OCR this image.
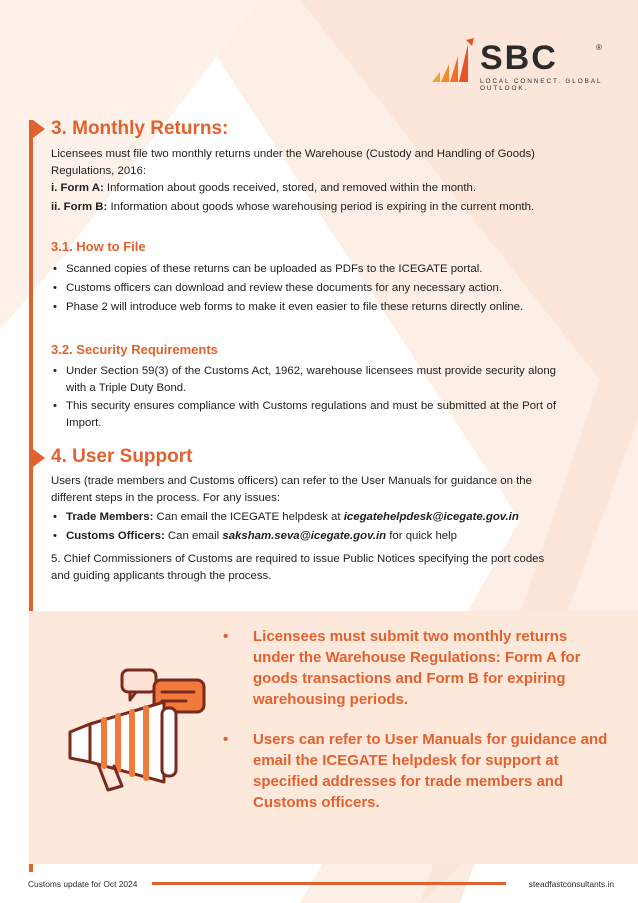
SBC	®
LOCAL CONNECT. GLOBAL OUTLOOK.
3. Monthly Returns:
Licensees must file two monthly returns under the Warehouse (Custody and Handling of Goods) Regulations, 2016:
i. Form A: Information about goods received, stored, and removed within the month.
ii. Form B: Information about goods whose warehousing period is expiring in the current month.
3.1. How to File
• Scanned copies of these returns can be uploaded as PDFs to the ICEGATE portal.
• Customs officers can download and review these documents for any necessary action.
• Phase 2 will introduce web forms to make it even easier to file these returns directly online.
3.2. Security Requirements
• Under Section 59(3) of the Customs Act, 1962, warehouse licensees must provide security along with a Triple Duty Bond.
• This security ensures compliance with Customs regulations and must be submitted at the Port of Import.
4. User Support
Users (trade members and Customs officers) can refer to the User Manuals for guidance on the different steps in the process. For any issues:
• Trade Members: Can email the ICEGATE helpdesk at icegatehelpdesk@icegate.gov.in
• Customs Officers: Can email saksham.seva@icegate.gov.in for quick help
5. Chief Commissioners of Customs are required to issue Public Notices specifying the port codes and guiding applicants through the process.
• Licensees must submit two monthly returns under the Warehouse Regulations: Form A for goods transactions and Form B for expiring warehousing periods.
• Users can refer to User Manuals for guidance and email the ICEGATE helpdesk for support at specified addresses for trade members and Customs officers.
Customs update for Oct 2024	steadfastconsultants.in
